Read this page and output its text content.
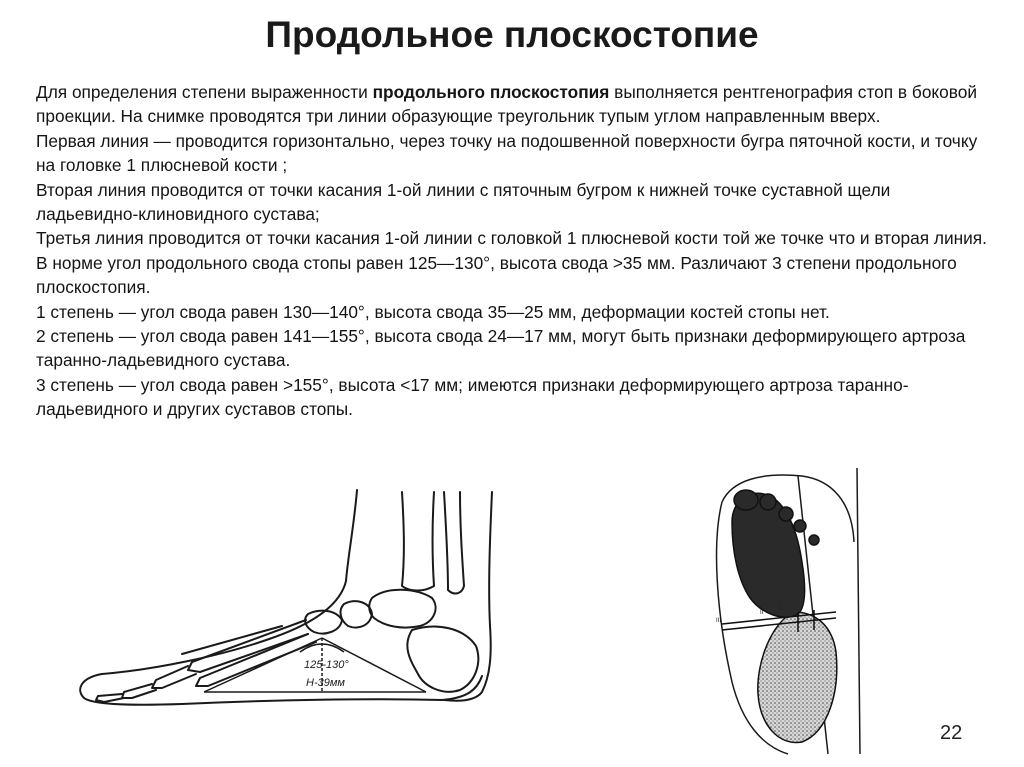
Продольное плоскостопие

Для определения степени выраженности продольного плоскостопия выполняется рентгенография стоп в боковой проекции. На снимке проводятся три линии образующие треугольник тупым углом направленным вверх.

Первая линия — проводится горизонтально, через точку на подошвенной поверхности бугра пяточной кости, и точку на головке 1 плюсневой кости ;

Вторая линия проводится от точки касания 1-ой линии с пяточным бугром к нижней точке суставной щели ладьевидно-клиновидного сустава;

Третья линия проводится от точки касания 1-ой линии с головкой 1 плюсневой кости той же точке что и вторая линия.

В норме угол продольного свода стопы равен 125—130°, высота свода >35 мм. Различают 3 степени продольного плоскостопия.

1 степень — угол свода равен 130—140°, высота свода 35—25 мм, деформации костей стопы нет.

2 степень — угол свода равен 141—155°, высота свода 24—17 мм, могут быть признаки деформирующего артроза таранно-ладьевидного сустава.

3 степень — угол свода равен >155°, высота <17 мм; имеются признаки деформирующего артроза таранно-ладьевидного и других суставов стопы.

125-130°
H-39мм
III
II
I
22
